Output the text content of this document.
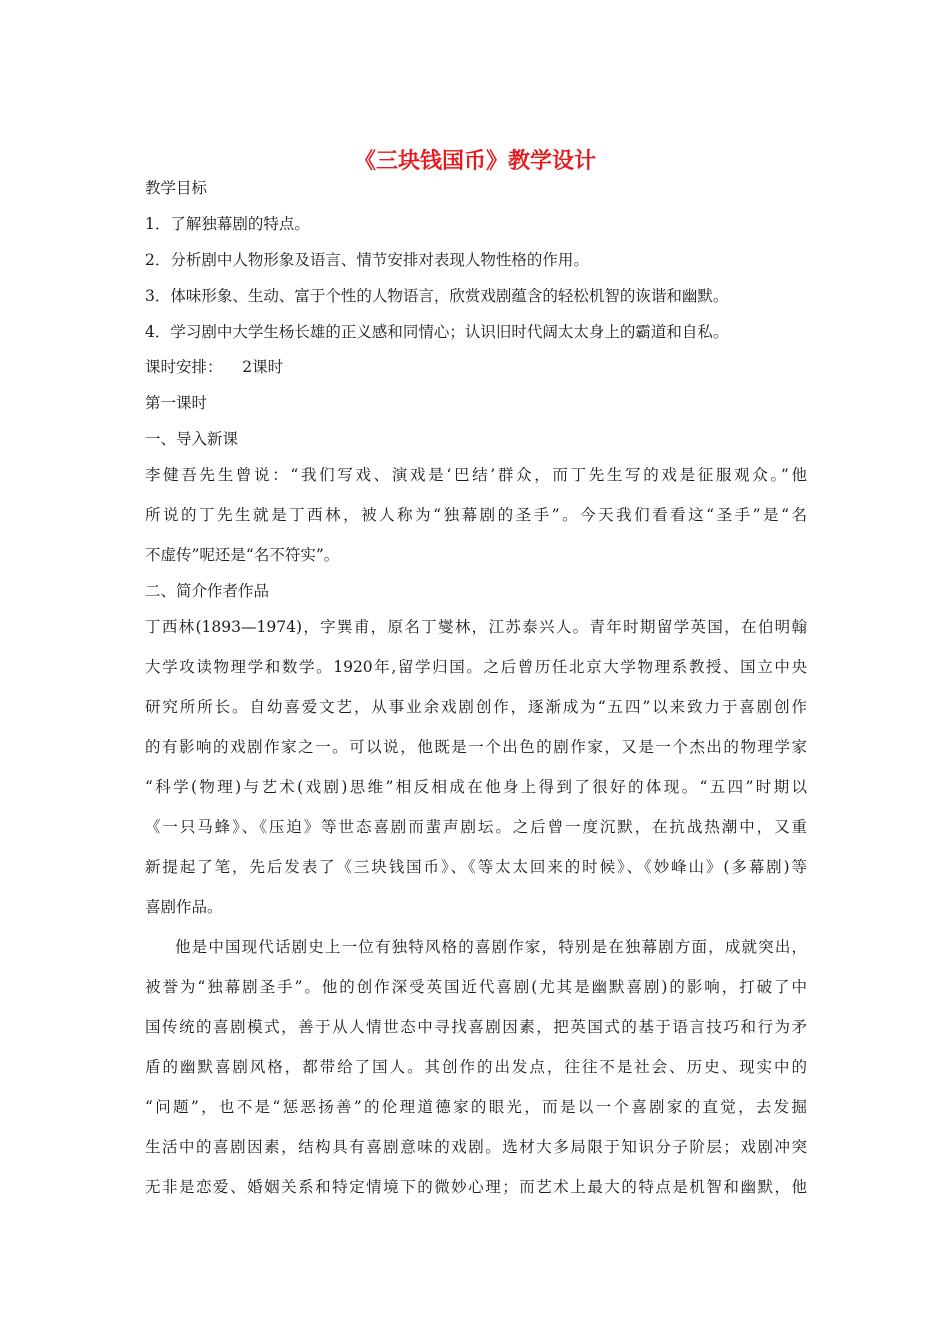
《三块钱国币》教学设计
教学目标
1．了解独幕剧的特点。
2．分析剧中人物形象及语言、情节安排对表现人物性格的作用。
3．体味形象、生动、富于个性的人物语言，欣赏戏剧蕴含的轻松机智的诙谐和幽默。
4．学习剧中大学生杨长雄的正义感和同情心；认识旧时代阔太太身上的霸道和自私。
课时安排：    2课时
第一课时
一、导入新课
李健吾先生曾说：“我们写戏、演戏是‘巴结’群众，而丁先生写的戏是征服观众。”他
所说的丁先生就是丁西林，被人称为“独幕剧的圣手”。今天我们看看这“圣手”是“名
不虚传”呢还是“名不符实”。
二、简介作者作品
丁西林(1893—1974)，字巽甫，原名丁燮林，江苏泰兴人。青年时期留学英国，在伯明翰
大学攻读物理学和数学。1920年,留学归国。之后曾历任北京大学物理系教授、国立中央
研究所所长。自幼喜爱文艺，从事业余戏剧创作，逐渐成为“五四”以来致力于喜剧创作
的有影响的戏剧作家之一。可以说，他既是一个出色的剧作家，又是一个杰出的物理学家
“科学(物理)与艺术(戏剧)思维”相反相成在他身上得到了很好的体现。“五四”时期以
《一只马蜂》、《压迫》等世态喜剧而蜚声剧坛。之后曾一度沉默，在抗战热潮中，又重
新提起了笔，先后发表了《三块钱国币》、《等太太回来的时候》、《妙峰山》(多幕剧)等
喜剧作品。
他是中国现代话剧史上一位有独特风格的喜剧作家，特别是在独幕剧方面，成就突出，
被誉为“独幕剧圣手”。他的创作深受英国近代喜剧(尤其是幽默喜剧)的影响，打破了中
国传统的喜剧模式，善于从人情世态中寻找喜剧因素，把英国式的基于语言技巧和行为矛
盾的幽默喜剧风格，都带给了国人。其创作的出发点，往往不是社会、历史、现实中的
“问题”，也不是“惩恶扬善”的伦理道德家的眼光，而是以一个喜剧家的直觉，去发掘
生活中的喜剧因素，结构具有喜剧意味的戏剧。选材大多局限于知识分子阶层；戏剧冲突
无非是恋爱、婚姻关系和特定情境下的微妙心理；而艺术上最大的特点是机智和幽默，他
